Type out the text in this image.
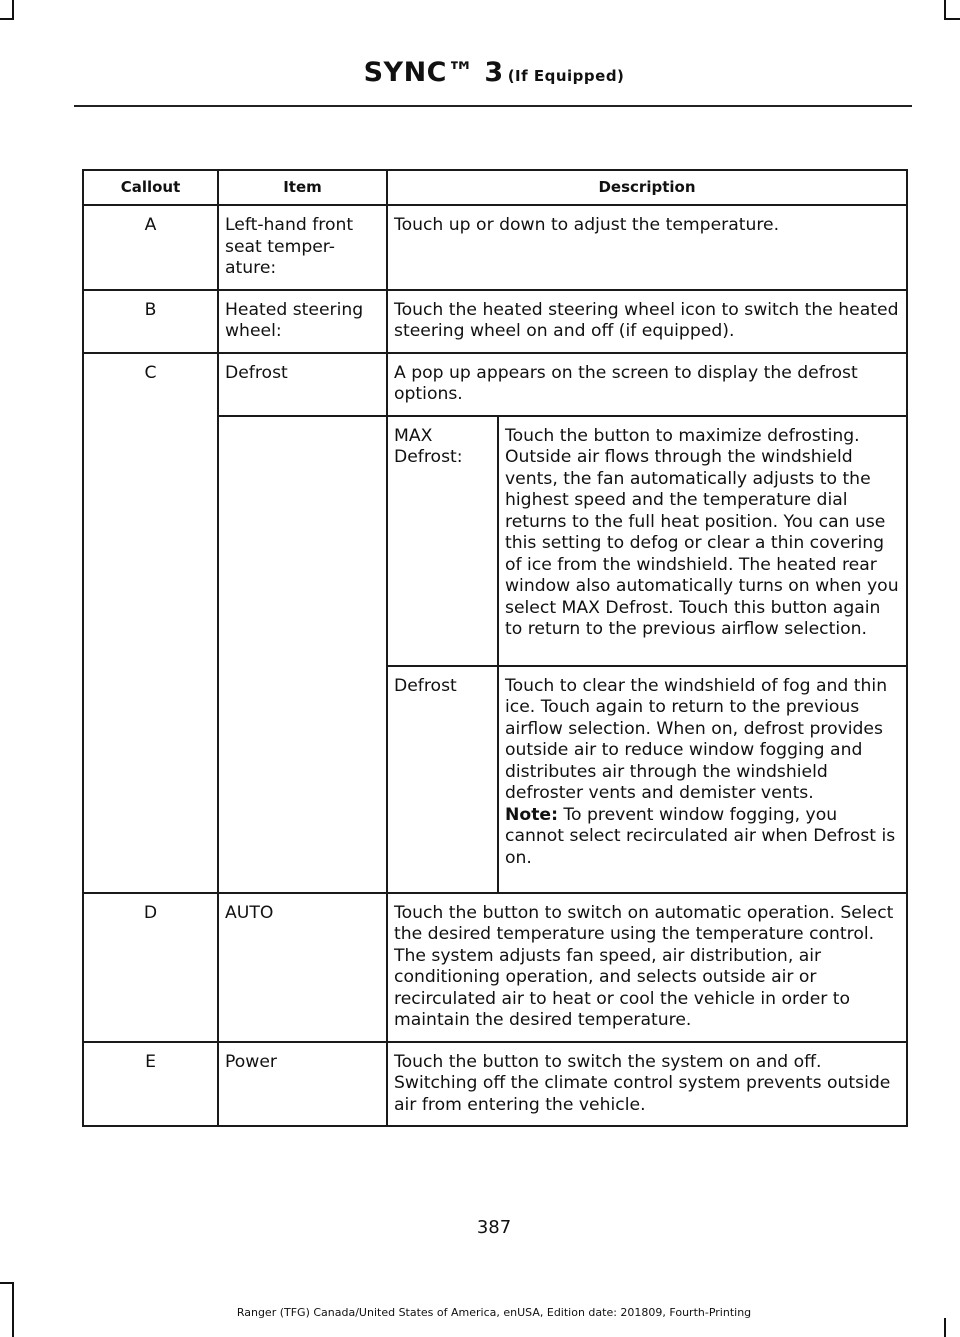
SYNC™ 3 (If Equipped)
Callout	Item	Description	
A	Left-hand front seat temper-ature:	Touch up or down to adjust the temperature.	
B	Heated steering wheel:	Touch the heated steering wheel icon to switch the heated steering wheel on and off (if equipped).	
C	Defrost	A pop up appears on the screen to display the defrost options.	
		MAX Defrost:	Touch the button to maximize defrosting. Outside air flows through the windshield vents, the fan automatically adjusts to the highest speed and the temperature dial returns to the full heat position. You can use this setting to defog or clear a thin covering of ice from the windshield. The heated rear window also automatically turns on when you select MAX Defrost. Touch this button again to return to the previous airflow selection.
		Defrost	Touch to clear the windshield of fog and thin ice. Touch again to return to the previous airflow selection. When on, defrost provides outside air to reduce window fogging and distributes air through the windshield defroster vents and demister vents.
Note: To prevent window fogging, you cannot select recirculated air when Defrost is on.
D	AUTO	Touch the button to switch on automatic operation. Select the desired temperature using the temperature control. The system adjusts fan speed, air distribution, air conditioning operation, and selects outside air or recirculated air to heat or cool the vehicle in order to maintain the desired temperature.	
E	Power	Touch the button to switch the system on and off. Switching off the climate control system prevents outside air from entering the vehicle.	
387
Ranger (TFG) Canada/United States of America, enUSA, Edition date: 201809, Fourth-Printing
